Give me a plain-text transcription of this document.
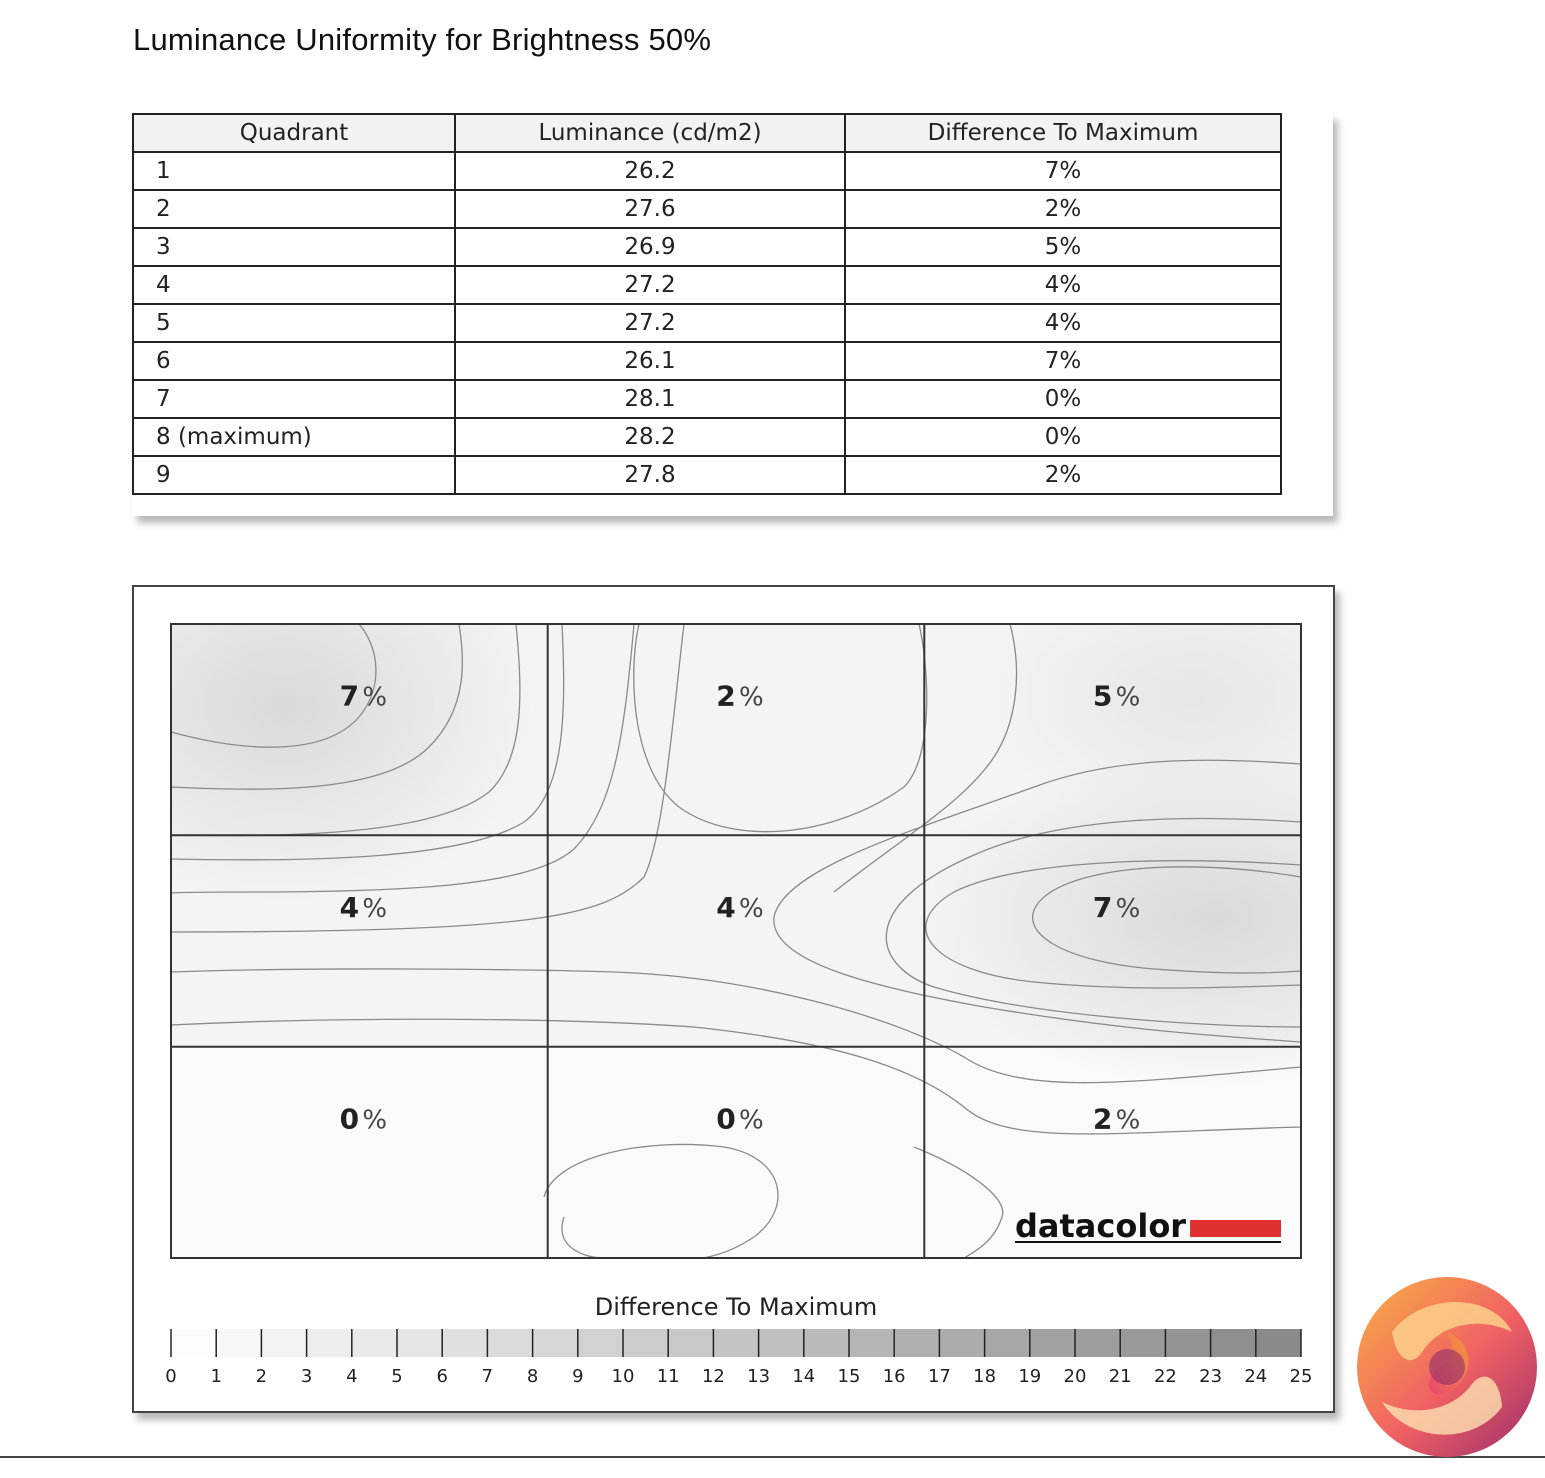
Luminance Uniformity for Brightness 50%
Quadrant	Luminance (cd/m2)	Difference To Maximum
1	26.2	7%
2	27.6	2%
3	26.9	5%
4	27.2	4%
5	27.2	4%
6	26.1	7%
7	28.1	0%
8 (maximum)	28.2	0%
9	27.8	2%
7 %	2 %	5 %
4 %	4 %	7 %
0 %	0 %	2 %
datacolor
Difference To Maximum
0 1 2 3 4 5 6 7 8 9 10 11 12 13 14 15 16 17 18 19 20 21 22 23 24 25
